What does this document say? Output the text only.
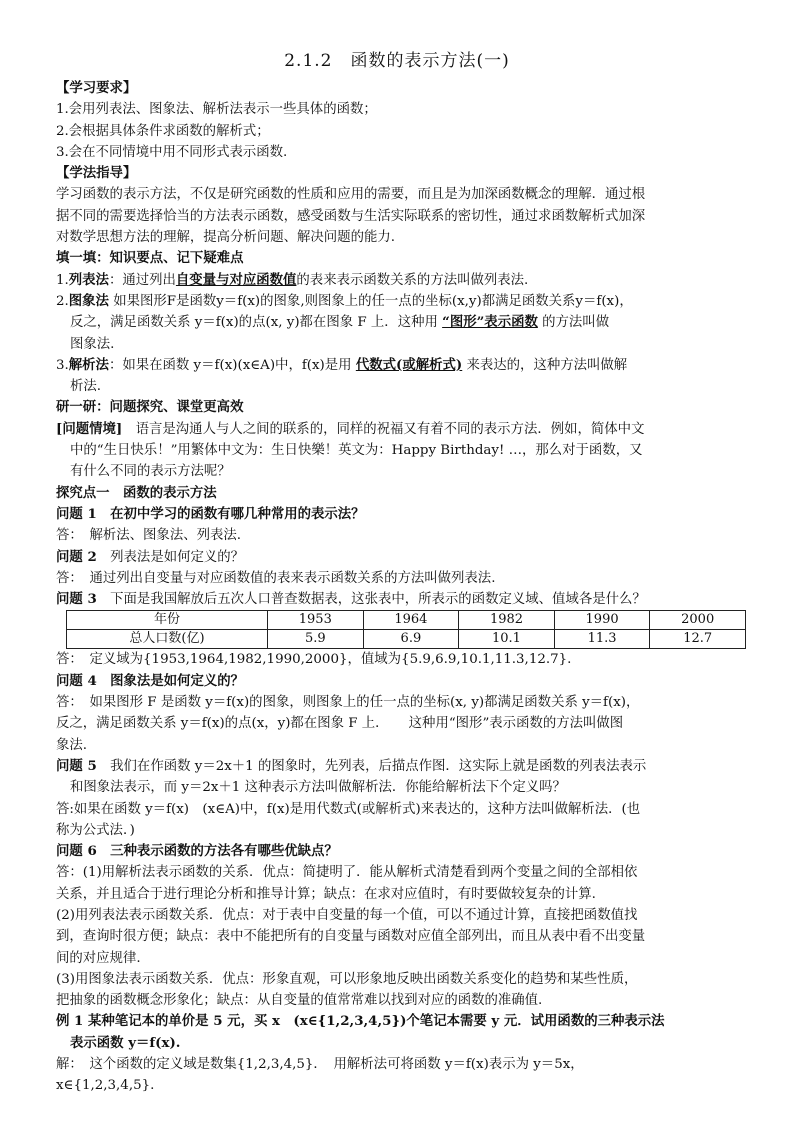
2.1.2　函数的表示方法(一)
【学习要求】
1.会用列表法、图象法、解析法表示一些具体的函数；
2.会根据具体条件求函数的解析式；
3.会在不同情境中用不同形式表示函数.
【学法指导】
学习函数的表示方法，不仅是研究函数的性质和应用的需要，而且是为加深函数概念的理解．通过根
据不同的需要选择恰当的方法表示函数，感受函数与生活实际联系的密切性，通过求函数解析式加深
对数学思想方法的理解，提高分析问题、解决问题的能力.
填一填：知识要点、记下疑难点
1.列表法：通过列出自变量与对应函数值的表来表示函数关系的方法叫做列表法.
2.图象法 如果图形F是函数y＝f(x)的图象,则图象上的任一点的坐标(x,y)都满足函数关系y＝f(x)，
反之，满足函数关系 y＝f(x)的点(x, y)都在图象 F 上．这种用 “图形”表示函数 的方法叫做
图象法.
3.解析法：如果在函数 y＝f(x)(x∈A)中，f(x)是用 代数式(或解析式) 来表达的，这种方法叫做解
析法.
研一研：问题探究、课堂更高效
[问题情境]　语言是沟通人与人之间的联系的，同样的祝福又有着不同的表示方法．例如，简体中文
中的“生日快乐！”用繁体中文为：生日快樂！英文为：Happy Birthday! …，那么对于函数，又
有什么不同的表示方法呢？
探究点一　函数的表示方法
问题 1　在初中学习的函数有哪几种常用的表示法？
答：　解析法、图象法、列表法.
问题 2　列表法是如何定义的？
答：　通过列出自变量与对应函数值的表来表示函数关系的方法叫做列表法.
问题 3　下面是我国解放后五次人口普查数据表，这张表中，所表示的函数定义域、值域各是什么？
年份	1953	1964	1982	1990	2000
总人口数(亿)	5.9	6.9	10.1	11.3	12.7
答：　定义域为{1953,1964,1982,1990,2000}，值域为{5.9,6.9,10.1,11.3,12.7}.
问题 4　图象法是如何定义的？
答：　如果图形 F 是函数 y＝f(x)的图象，则图象上的任一点的坐标(x, y)都满足函数关系 y＝f(x)，
反之，满足函数关系 y＝f(x)的点(x，y)都在图象 F 上．　　这种用“图形”表示函数的方法叫做图
象法.
问题 5　我们在作函数 y＝2x＋1 的图象时，先列表，后描点作图．这实际上就是函数的列表法表示
和图象法表示，而 y＝2x＋1 这种表示方法叫做解析法．你能给解析法下个定义吗？
答:如果在函数 y＝f(x)　(x∈A)中，f(x)是用代数式(或解析式)来表达的，这种方法叫做解析法．(也
称为公式法．)
问题 6　三种表示函数的方法各有哪些优缺点？
答：(1)用解析法表示函数的关系．优点：简捷明了．能从解析式清楚看到两个变量之间的全部相依
关系，并且适合于进行理论分析和推导计算；缺点：在求对应值时，有时要做较复杂的计算.
(2)用列表法表示函数关系．优点：对于表中自变量的每一个值，可以不通过计算，直接把函数值找
到，查询时很方便；缺点：表中不能把所有的自变量与函数对应值全部列出，而且从表中看不出变量
间的对应规律.
(3)用图象法表示函数关系．优点：形象直观，可以形象地反映出函数关系变化的趋势和某些性质，
把抽象的函数概念形象化；缺点：从自变量的值常常难以找到对应的函数的准确值.
例 1 某种笔记本的单价是 5 元，买 x　(x∈{1,2,3,4,5})个笔记本需要 y 元．试用函数的三种表示法
表示函数 y＝f(x).
解：　这个函数的定义域是数集{1,2,3,4,5}．　用解析法可将函数 y＝f(x)表示为 y＝5x，
x∈{1,2,3,4,5}.
